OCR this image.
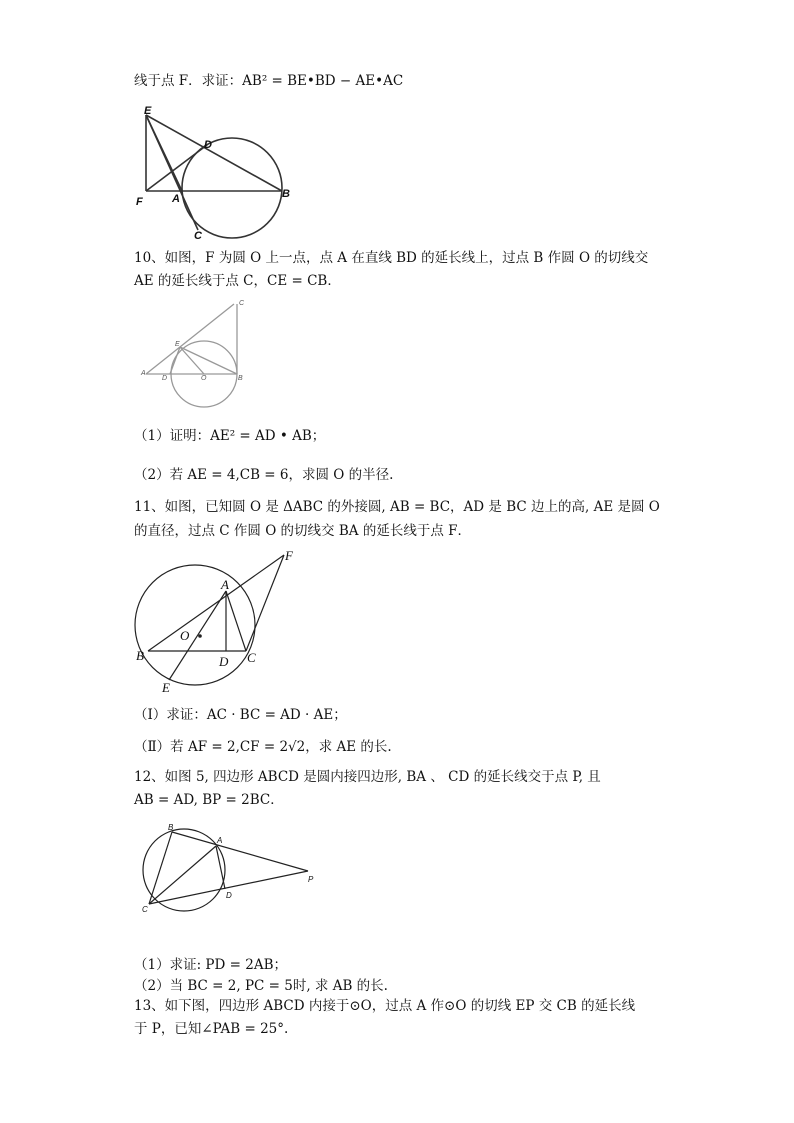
线于点 F．求证：AB² = BE•BD − AE•AC
E
D
B
F	A
C
10、如图，F 为圆 O 上一点，点 A 在直线 BD 的延长线上，过点 B 作圆 O 的切线交
AE 的延长线于点 C，CE = CB．
C
E
A
D	O	B
（1）证明：AE² = AD • AB；
（2）若 AE = 4,CB = 6，求圆 O 的半径.
11、如图，已知圆 O 是 ΔABC 的外接圆, AB = BC，AD 是 BC 边上的高, AE 是圆 O
的直径，过点 C 作圆 O 的切线交 BA 的延长线于点 F．
A
F
O
B	D C
E
（Ⅰ）求证：AC · BC = AD · AE；
（Ⅱ）若 AF = 2,CF = 2√2，求 AE 的长.
12、如图 5, 四边形 ABCD 是圆内接四边形, BA 、 CD 的延长线交于点 P, 且
AB = AD, BP = 2BC．
B
A
C
D
P
（1）求证: PD = 2AB；
（2）当 BC = 2, PC = 5时, 求 AB 的长.
13、如下图，四边形 ABCD 内接于⊙O，过点 A 作⊙O 的切线 EP 交 CB 的延长线
于 P，已知∠PAB = 25°.
